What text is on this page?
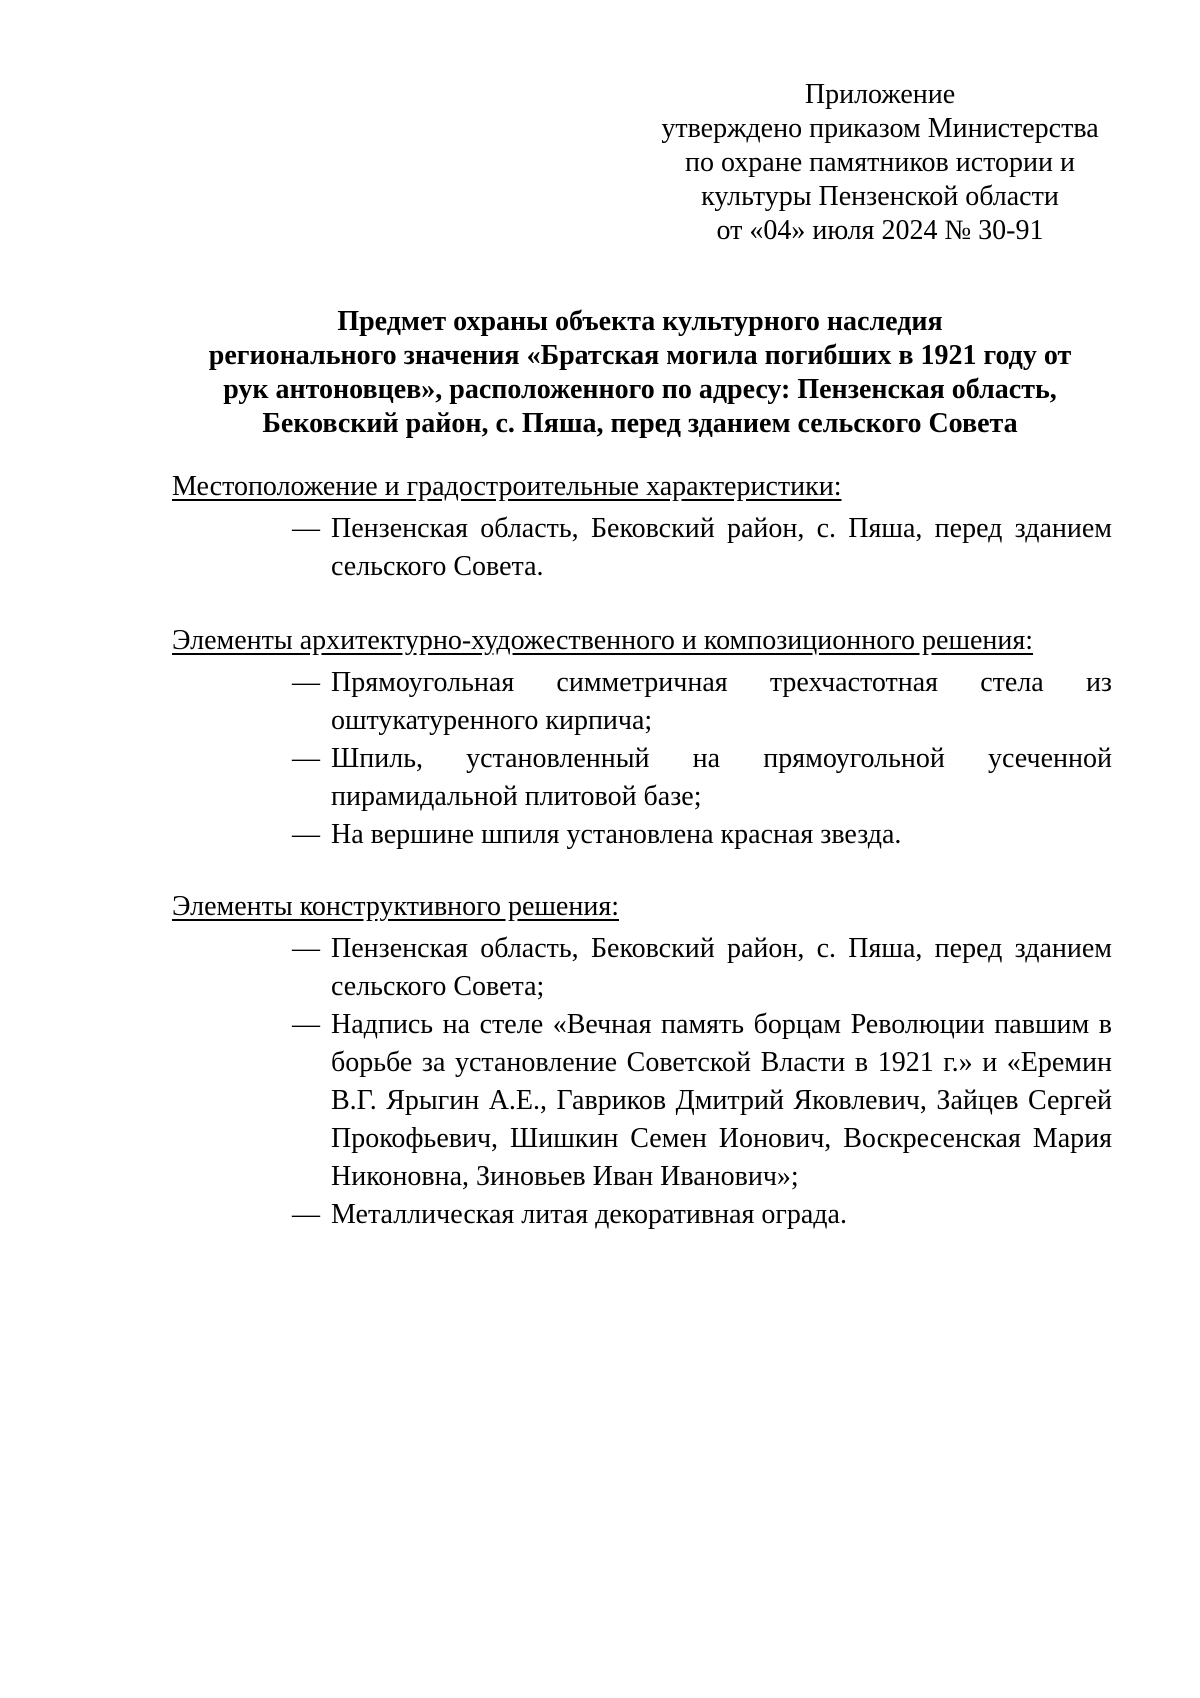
Приложение
утверждено приказом Министерства
по охране памятников истории и
культуры Пензенской области
от «04» июля 2024 № 30-91
Предмет охраны объекта культурного наследия
регионального значения «Братская могила погибших в 1921 году от
рук антоновцев», расположенного по адресу: Пензенская область,
Бековский район, с. Пяша, перед зданием сельского Совета
Местоположение и градостроительные характеристики:
— Пензенская область, Бековский район, с. Пяша, перед зданием сельского Совета.
Элементы архитектурно-художественного и композиционного решения:
— Прямоугольная симметричная трехчастотная стела из оштукатуренного кирпича;
— Шпиль, установленный на прямоугольной усеченной пирамидальной плитовой базе;
— На вершине шпиля установлена красная звезда.
Элементы конструктивного решения:
— Пензенская область, Бековский район, с. Пяша, перед зданием сельского Совета;
— Надпись на стеле «Вечная память борцам Революции павшим в борьбе за установление Советской Власти в 1921 г.» и «Еремин В.Г. Ярыгин А.Е., Гавриков Дмитрий Яковлевич, Зайцев Сергей Прокофьевич, Шишкин Семен Ионович, Воскресенская Мария Никоновна, Зиновьев Иван Иванович»;
— Металлическая литая декоративная ограда.
